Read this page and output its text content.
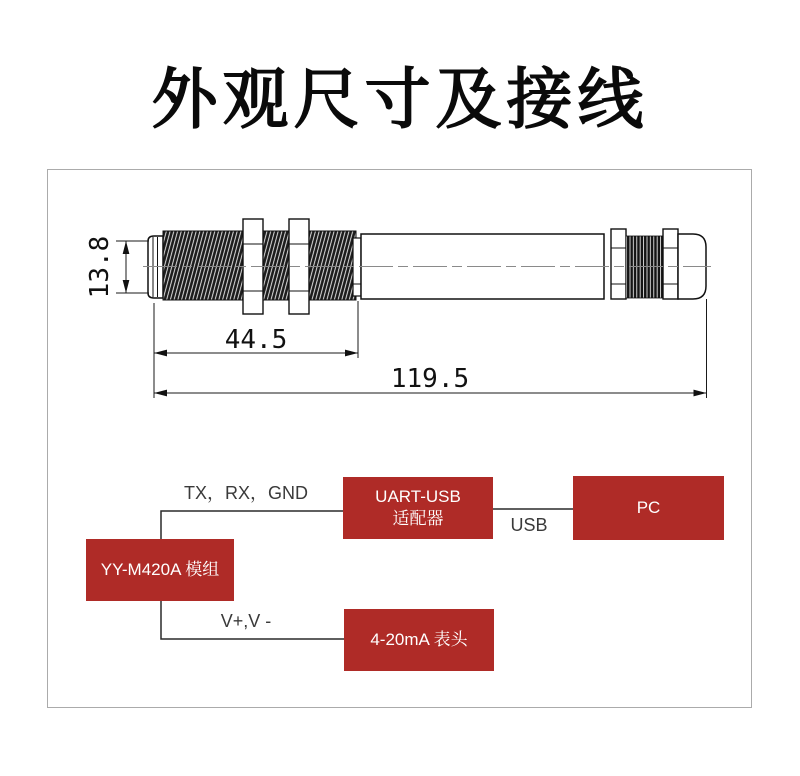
外观尺寸及接线
13.8
44.5
119.5
YY-M420A 模组
UART-USB
适配器
PC
4-20mA 表头
TX，RX，GND
USB
V+,V -
